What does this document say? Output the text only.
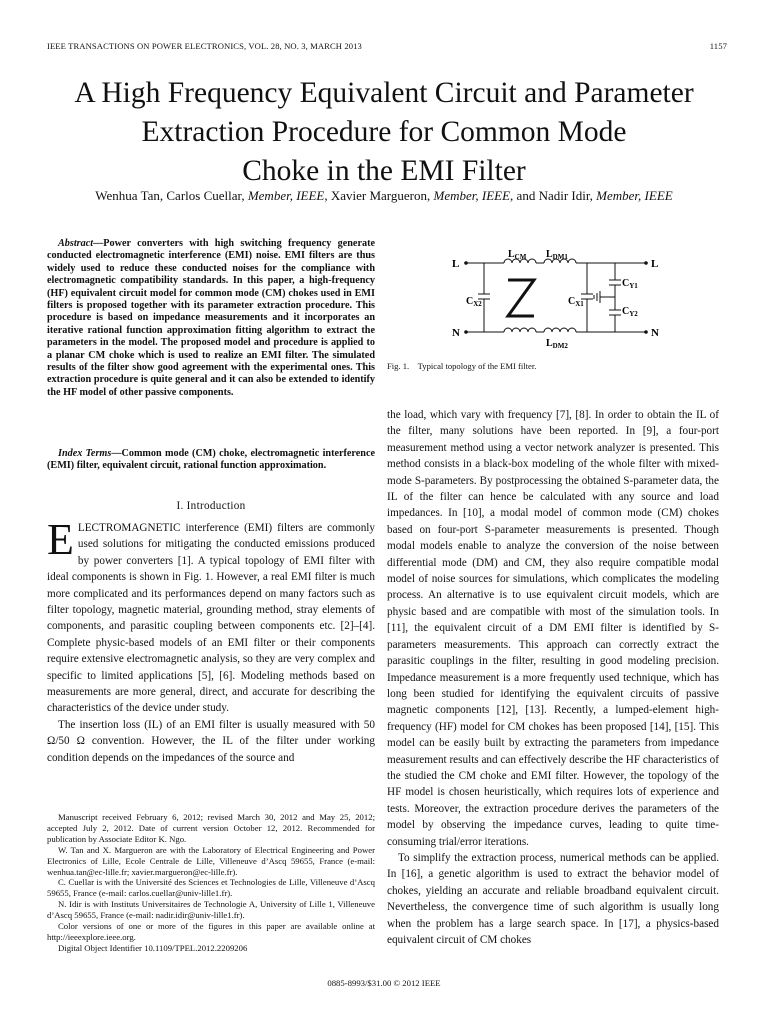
IEEE TRANSACTIONS ON POWER ELECTRONICS, VOL. 28, NO. 3, MARCH 2013	1157
A High Frequency Equivalent Circuit and Parameter
Extraction Procedure for Common Mode
Choke in the EMI Filter
Wenhua Tan, Carlos Cuellar, Member, IEEE, Xavier Margueron, Member, IEEE, and Nadir Idir, Member, IEEE

Abstract—Power converters with high switching frequency generate conducted electromagnetic interference (EMI) noise. EMI filters are thus widely used to reduce these conducted noises for the compliance with electromagnetic compatibility standards. In this paper, a high-frequency (HF) equivalent circuit model for common mode (CM) chokes used in EMI filters is proposed together with its parameter extraction procedure. This procedure is based on impedance measurements and it incorporates an iterative rational function approximation fitting algorithm to extract the parameters in the model. The proposed model and procedure is applied to a planar CM choke which is used to realize an EMI filter. The simulated results of the filter show good agreement with the experimental ones. This extraction procedure is quite general and it can also be extended to identify the HF model of other passive components.

Index Terms—Common mode (CM) choke, electromagnetic interference (EMI) filter, equivalent circuit, rational function approximation.

I. Introduction

ELECTROMAGNETIC interference (EMI) filters are commonly used solutions for mitigating the conducted emissions produced by power converters [1]. A typical topology of EMI filter with ideal components is shown in Fig. 1. However, a real EMI filter is much more complicated and its performances depend on many factors such as filter topology, magnetic material, grounding method, stray elements of components, and parasitic coupling between components etc. [2]–[4]. Complete physic-based models of an EMI filter or their components require extensive electromagnetic analysis, so they are very complex and specific to limited applications [5], [6]. Modeling methods based on measurements are more general, direct, and accurate for describing the characteristics of the device under study.

The insertion loss (IL) of an EMI filter is usually measured with 50 Ω/50 Ω convention. However, the IL of the filter under working condition depends on the impedances of the source and

Manuscript received February 6, 2012; revised March 30, 2012 and May 25, 2012; accepted July 2, 2012. Date of current version October 12, 2012. Recommended for publication by Associate Editor K. Ngo.

W. Tan and X. Margueron are with the Laboratory of Electrical Engineering and Power Electronics of Lille, Ecole Centrale de Lille, Villeneuve d’Ascq 59655, France (e-mail: wenhua.tan@ec-lille.fr; xavier.margueron@ec-lille.fr).

C. Cuellar is with the Université des Sciences et Technologies de Lille, Villeneuve d’Ascq 59655, France (e-mail: carlos.cuellar@univ-lille1.fr).

N. Idir is with Instituts Universitaires de Technologie A, University of Lille 1, Villeneuve d’Ascq 59655, France (e-mail: nadir.idir@univ-lille1.fr).

Color versions of one or more of the figures in this paper are available online at http://ieeexplore.ieee.org.

Digital Object Identifier 10.1109/TPEL.2012.2209206

L
N
L
N
$L_{CM}$ $L_{DM1}$
$L_{DM2}$
$C_{X2}$	$C_{X1}$
$C_{Y1}$
$C_{Y2}$
Fig. 1.    Typical topology of the EMI filter.

the load, which vary with frequency [7], [8]. In order to obtain the IL of the filter, many solutions have been reported. In [9], a four-port measurement method using a vector network analyzer is presented. This method consists in a black-box modeling of the whole filter with mixed-mode S-parameters. By postprocessing the obtained S-parameter data, the IL of the filter can hence be calculated with any source and load impedances. In [10], a modal model of common mode (CM) chokes based on four-port S-parameter measurements is presented. Though modal models enable to analyze the conversion of the noise between differential mode (DM) and CM, they also require compatible modal model of noise sources for simulations, which complicates the modeling process. An alternative is to use equivalent circuit models, which are physic based and are compatible with most of the simulation tools. In [11], the equivalent circuit of a DM EMI filter is identified by S-parameters measurements. This approach can correctly extract the parasitic couplings in the filter, resulting in good modeling precision. Impedance measurement is a more frequently used technique, which has long been studied for identifying the equivalent circuits of passive magnetic components [12], [13]. Recently, a lumped-element high-frequency (HF) model for CM chokes has been proposed [14], [15]. This model can be easily built by extracting the parameters from impedance measurement results and can effectively describe the HF characteristics of the studied the CM choke and EMI filter. However, the topology of the HF model is chosen heuristically, which requires lots of experience and tests. Moreover, the extraction procedure derives the parameters of the model by observing the impedance curves, leading to quite time-consuming trial/error iterations.

To simplify the extraction process, numerical methods can be applied. In [16], a genetic algorithm is used to extract the behavior model of chokes, yielding an accurate and reliable broadband equivalent circuit. Nevertheless, the convergence time of such algorithm is usually long when the problem has a large search space. In [17], a physics-based equivalent circuit of CM chokes

0885-8993/$31.00 © 2012 IEEE
